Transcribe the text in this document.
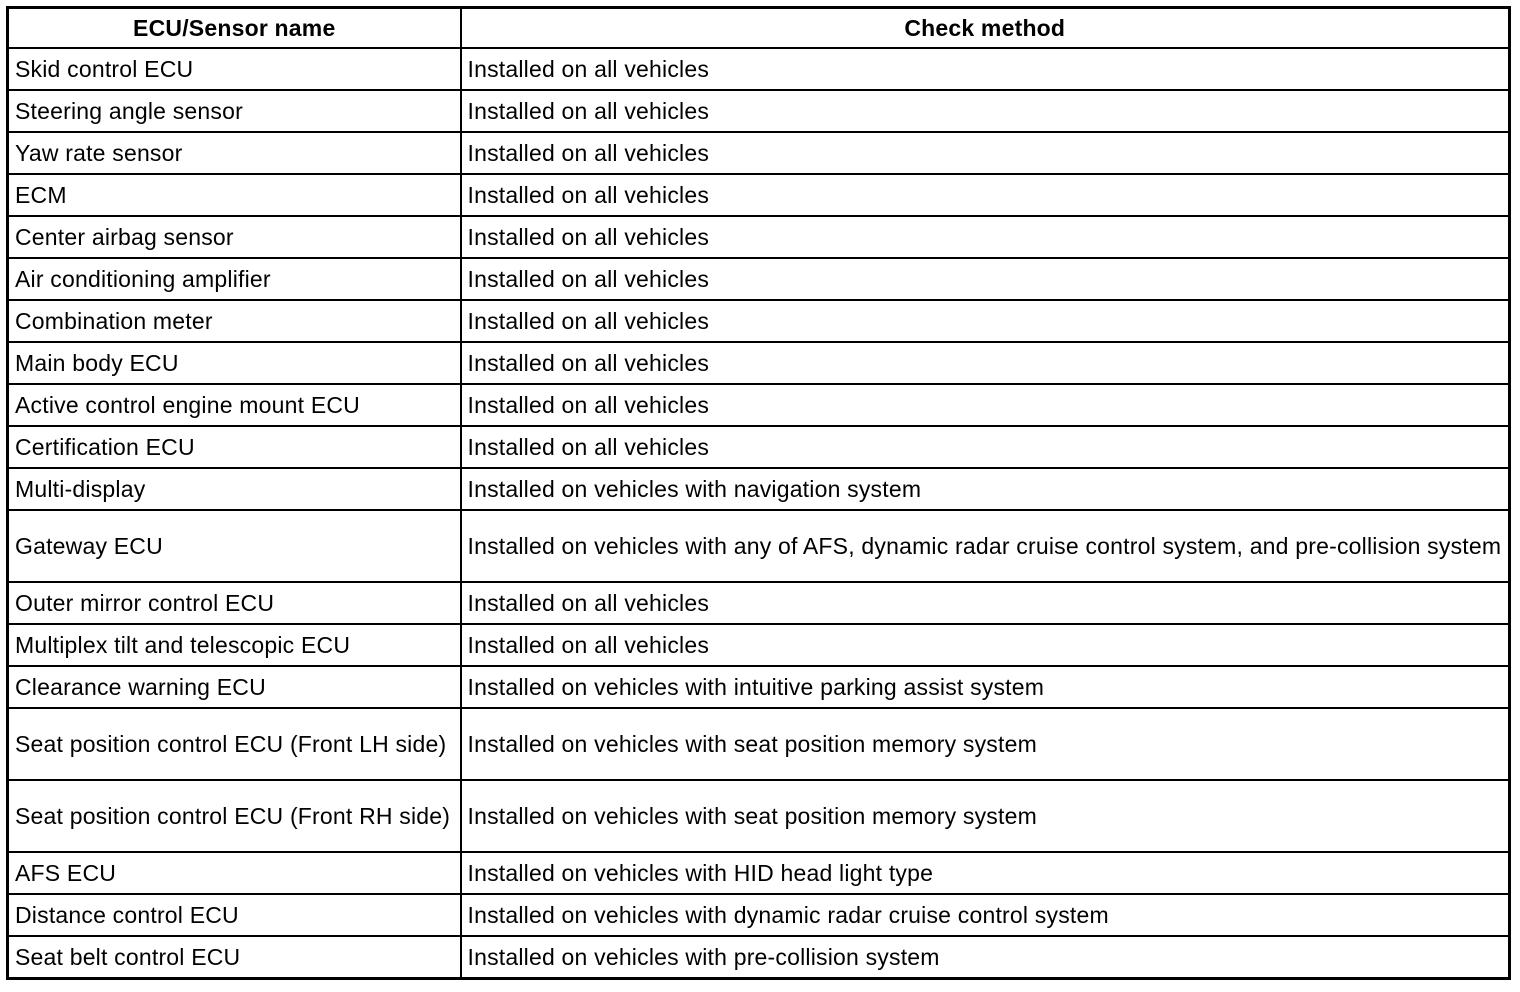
ECU/Sensor name	Check method
Skid control ECU	Installed on all vehicles
Steering angle sensor	Installed on all vehicles
Yaw rate sensor	Installed on all vehicles
ECM	Installed on all vehicles
Center airbag sensor	Installed on all vehicles
Air conditioning amplifier	Installed on all vehicles
Combination meter	Installed on all vehicles
Main body ECU	Installed on all vehicles
Active control engine mount ECU	Installed on all vehicles
Certification ECU	Installed on all vehicles
Multi-display	Installed on vehicles with navigation system
Gateway ECU	Installed on vehicles with any of AFS, dynamic radar cruise control system, and pre-collision system
Outer mirror control ECU	Installed on all vehicles
Multiplex tilt and telescopic ECU	Installed on all vehicles
Clearance warning ECU	Installed on vehicles with intuitive parking assist system
Seat position control ECU (Front LH side)	Installed on vehicles with seat position memory system
Seat position control ECU (Front RH side)	Installed on vehicles with seat position memory system
AFS ECU	Installed on vehicles with HID head light type
Distance control ECU	Installed on vehicles with dynamic radar cruise control system
Seat belt control ECU	Installed on vehicles with pre-collision system
